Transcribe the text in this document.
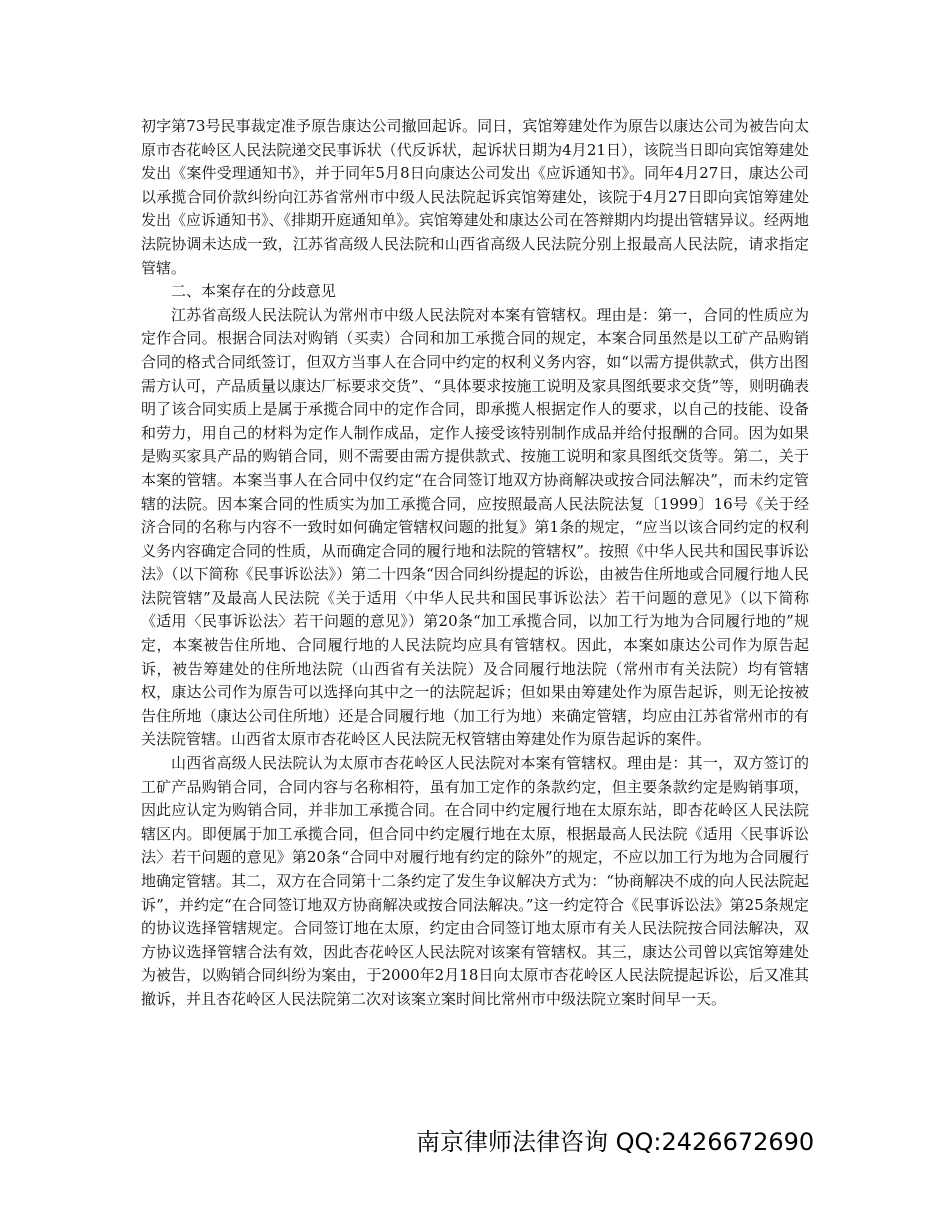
初字第73号民事裁定准予原告康达公司撤回起诉。同日，宾馆筹建处作为原告以康达公司为被告向太原市杏花岭区人民法院递交民事诉状（代反诉状，起诉状日期为4月21日），该院当日即向宾馆筹建处发出《案件受理通知书》，并于同年5月8日向康达公司发出《应诉通知书》。同年4月27日，康达公司以承揽合同价款纠纷向江苏省常州市中级人民法院起诉宾馆筹建处，该院于4月27日即向宾馆筹建处发出《应诉通知书》、《排期开庭通知单》。宾馆筹建处和康达公司在答辩期内均提出管辖异议。经两地法院协调未达成一致，江苏省高级人民法院和山西省高级人民法院分别上报最高人民法院，请求指定管辖。

二、本案存在的分歧意见

江苏省高级人民法院认为常州市中级人民法院对本案有管辖权。理由是：第一，合同的性质应为定作合同。根据合同法对购销（买卖）合同和加工承揽合同的规定，本案合同虽然是以工矿产品购销合同的格式合同纸签订，但双方当事人在合同中约定的权利义务内容，如“以需方提供款式，供方出图需方认可，产品质量以康达厂标要求交货”、“具体要求按施工说明及家具图纸要求交货”等，则明确表明了该合同实质上是属于承揽合同中的定作合同，即承揽人根据定作人的要求，以自己的技能、设备和劳力，用自己的材料为定作人制作成品，定作人接受该特别制作成品并给付报酬的合同。因为如果是购买家具产品的购销合同，则不需要由需方提供款式、按施工说明和家具图纸交货等。第二，关于本案的管辖。本案当事人在合同中仅约定“在合同签订地双方协商解决或按合同法解决”，而未约定管辖的法院。因本案合同的性质实为加工承揽合同，应按照最高人民法院法复〔1999〕16号《关于经济合同的名称与内容不一致时如何确定管辖权问题的批复》第1条的规定，“应当以该合同约定的权利义务内容确定合同的性质，从而确定合同的履行地和法院的管辖权”。按照《中华人民共和国民事诉讼法》（以下简称《民事诉讼法》）第二十四条“因合同纠纷提起的诉讼，由被告住所地或合同履行地人民法院管辖”及最高人民法院《关于适用〈中华人民共和国民事诉讼法〉若干问题的意见》（以下简称《适用〈民事诉讼法〉若干问题的意见》）第20条“加工承揽合同，以加工行为地为合同履行地的”规定，本案被告住所地、合同履行地的人民法院均应具有管辖权。因此，本案如康达公司作为原告起诉，被告筹建处的住所地法院（山西省有关法院）及合同履行地法院（常州市有关法院）均有管辖权，康达公司作为原告可以选择向其中之一的法院起诉；但如果由筹建处作为原告起诉，则无论按被告住所地（康达公司住所地）还是合同履行地（加工行为地）来确定管辖，均应由江苏省常州市的有关法院管辖。山西省太原市杏花岭区人民法院无权管辖由筹建处作为原告起诉的案件。

山西省高级人民法院认为太原市杏花岭区人民法院对本案有管辖权。理由是：其一，双方签订的工矿产品购销合同，合同内容与名称相符，虽有加工定作的条款约定，但主要条款约定是购销事项，因此应认定为购销合同，并非加工承揽合同。在合同中约定履行地在太原东站，即杏花岭区人民法院辖区内。即便属于加工承揽合同，但合同中约定履行地在太原，根据最高人民法院《适用〈民事诉讼法〉若干问题的意见》第20条“合同中对履行地有约定的除外”的规定，不应以加工行为地为合同履行地确定管辖。其二，双方在合同第十二条约定了发生争议解决方式为：“协商解决不成的向人民法院起诉”，并约定“在合同签订地双方协商解决或按合同法解决。”这一约定符合《民事诉讼法》第25条规定的协议选择管辖规定。合同签订地在太原，约定由合同签订地太原市有关人民法院按合同法解决，双方协议选择管辖合法有效，因此杏花岭区人民法院对该案有管辖权。其三，康达公司曾以宾馆筹建处为被告，以购销合同纠纷为案由，于2000年2月18日向太原市杏花岭区人民法院提起诉讼，后又准其撤诉，并且杏花岭区人民法院第二次对该案立案时间比常州市中级法院立案时间早一天。

南京律师法律咨询 QQ:2426672690
